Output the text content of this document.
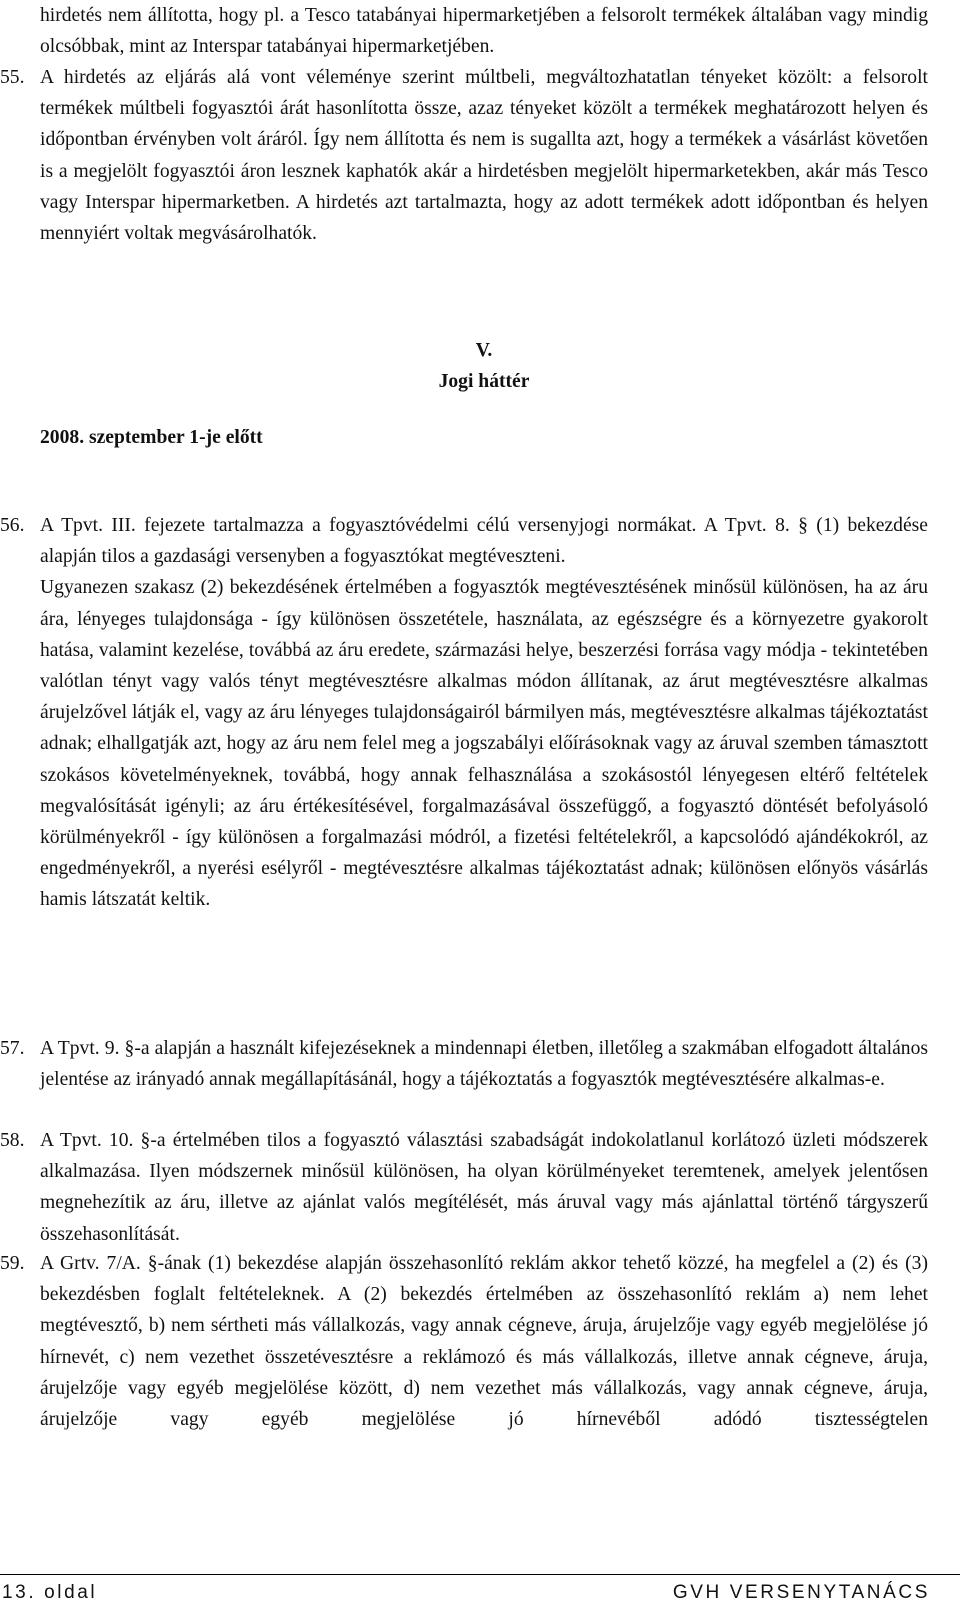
hirdetés nem állította, hogy pl. a Tesco tatabányai hipermarketjében a felsorolt termékek általában vagy mindig olcsóbbak, mint az Interspar tatabányai hipermarketjében.

55. A hirdetés az eljárás alá vont véleménye szerint múltbeli, megváltozhatatlan tényeket közölt: a felsorolt termékek múltbeli fogyasztói árát hasonlította össze, azaz tényeket közölt a termékek meghatározott helyen és időpontban érvényben volt áráról. Így nem állította és nem is sugallta azt, hogy a termékek a vásárlást követően is a megjelölt fogyasztói áron lesznek kaphatók akár a hirdetésben megjelölt hipermarketekben, akár más Tesco vagy Interspar hipermarketben. A hirdetés azt tartalmazta, hogy az adott termékek adott időpontban és helyen mennyiért voltak megvásárolhatók.

V.
Jogi háttér
2008. szeptember 1-je előtt
56. A Tpvt. III. fejezete tartalmazza a fogyasztóvédelmi célú versenyjogi normákat. A Tpvt. 8. § (1) bekezdése alapján tilos a gazdasági versenyben a fogyasztókat megtéveszteni.

Ugyanezen szakasz (2) bekezdésének értelmében a fogyasztók megtévesztésének minősül különösen, ha az áru ára, lényeges tulajdonsága - így különösen összetétele, használata, az egészségre és a környezetre gyakorolt hatása, valamint kezelése, továbbá az áru eredete, származási helye, beszerzési forrása vagy módja - tekintetében valótlan tényt vagy valós tényt megtévesztésre alkalmas módon állítanak, az árut megtévesztésre alkalmas árujelzővel látják el, vagy az áru lényeges tulajdonságairól bármilyen más, megtévesztésre alkalmas tájékoztatást adnak; elhallgatják azt, hogy az áru nem felel meg a jogszabályi előírásoknak vagy az áruval szemben támasztott szokásos követelményeknek, továbbá, hogy annak felhasználása a szokásostól lényegesen eltérő feltételek megvalósítását igényli; az áru értékesítésével, forgalmazásával összefüggő, a fogyasztó döntését befolyásoló körülményekről - így különösen a forgalmazási módról, a fizetési feltételekről, a kapcsolódó ajándékokról, az engedményekről, a nyerési esélyről - megtévesztésre alkalmas tájékoztatást adnak; különösen előnyös vásárlás hamis látszatát keltik.

57. A Tpvt. 9. §-a alapján a használt kifejezéseknek a mindennapi életben, illetőleg a szakmában elfogadott általános jelentése az irányadó annak megállapításánál, hogy a tájékoztatás a fogyasztók megtévesztésére alkalmas-e.

58. A Tpvt. 10. §-a értelmében tilos a fogyasztó választási szabadságát indokolatlanul korlátozó üzleti módszerek alkalmazása. Ilyen módszernek minősül különösen, ha olyan körülményeket teremtenek, amelyek jelentősen megnehezítik az áru, illetve az ajánlat valós megítélését, más áruval vagy más ajánlattal történő tárgyszerű összehasonlítását.

59. A Grtv. 7/A. §-ának (1) bekezdése alapján összehasonlító reklám akkor tehető közzé, ha megfelel a (2) és (3) bekezdésben foglalt feltételeknek. A (2) bekezdés értelmében az összehasonlító reklám a) nem lehet megtévesztő, b) nem sértheti más vállalkozás, vagy annak cégneve, áruja, árujelzője vagy egyéb megjelölése jó hírnevét, c) nem vezethet összetévesztésre a reklámozó és más vállalkozás, illetve annak cégneve, áruja, árujelzője vagy egyéb megjelölése között, d) nem vezethet más vállalkozás, vagy annak cégneve, áruja, árujelzője vagy egyéb megjelölése jó hírnevéből adódó tisztességtelen

13. oldal	GVH VERSENYTANÁCS
